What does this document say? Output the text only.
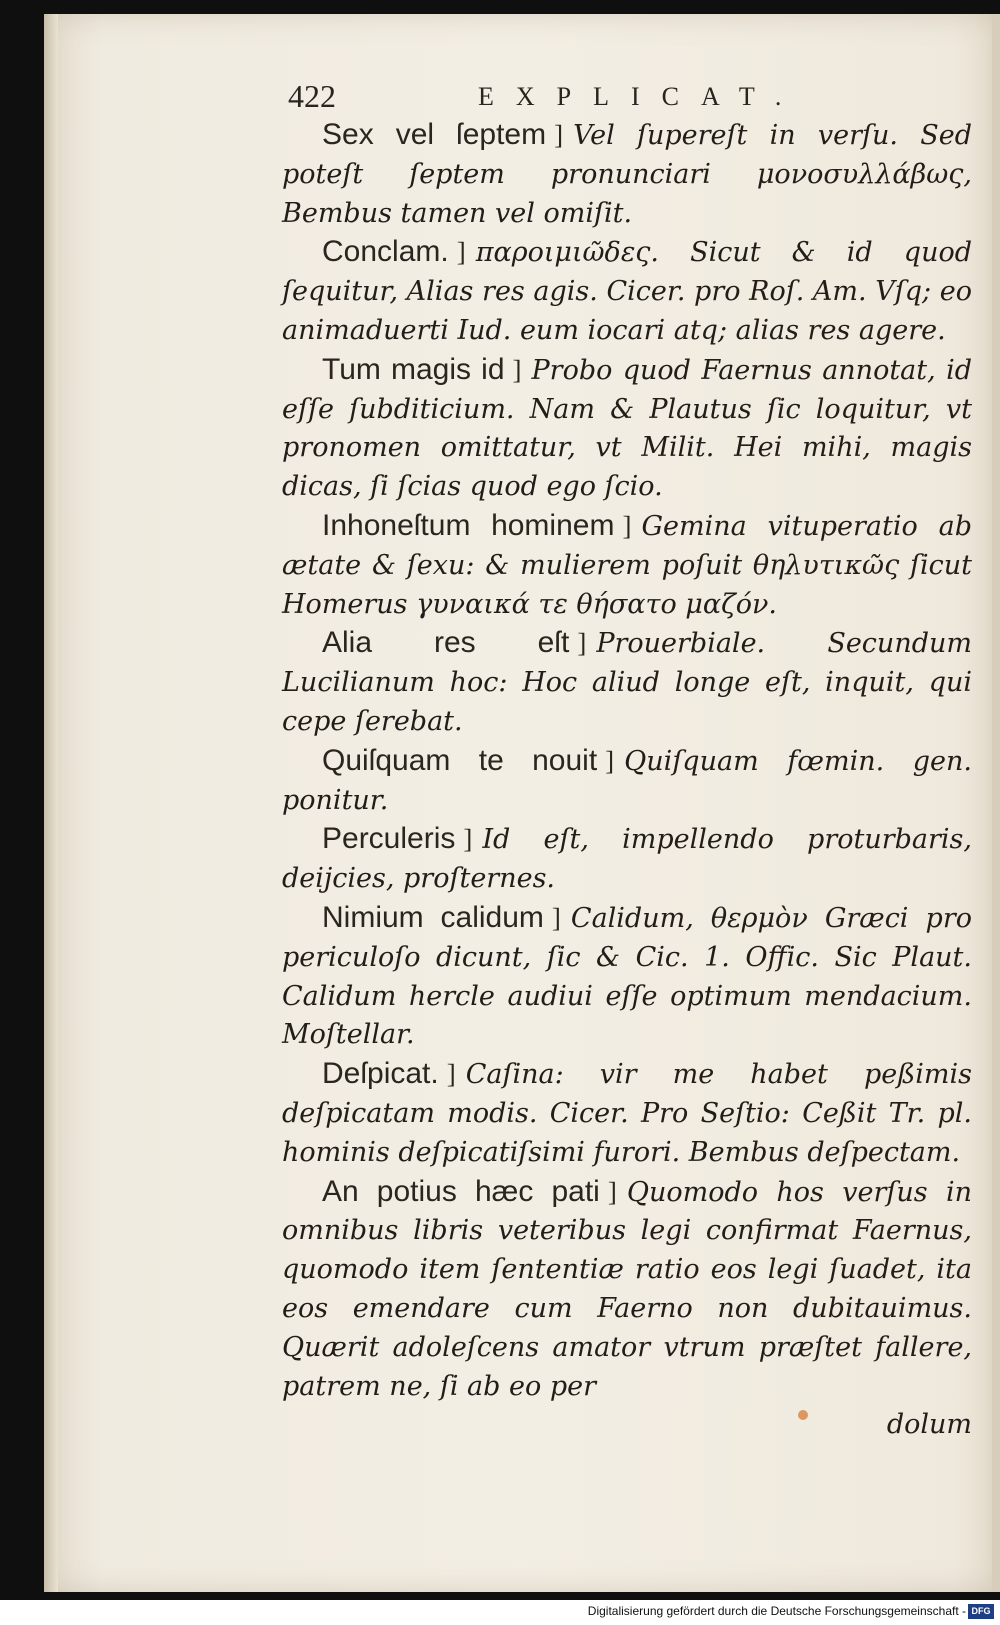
422	EXPLICAT.
Sex vel ſeptem ] Vel ſupereſt in verſu. Sed poteſt ſeptem pronunciari μονοσυλλάβως, Bembus tamen vel omiſit.
Conclam. ] παροιμιῶδες. Sicut & id quod ſequitur, Alias res agis. Cicer. pro Roſ. Am. Vſq; eo animaduerti Iud. eum iocari atq; alias res agere.
Tum magis id ] Probo quod Faernus annotat, id eſſe ſubditicium. Nam & Plautus ſic loquitur, vt pronomen omittatur, vt Milit. Hei mihi, magis dicas, ſi ſcias quod ego ſcio.
Inhoneſtum hominem ] Gemina vituperatio ab ætate & ſexu: & mulierem poſuit θηλυτικῶς ſicut Homerus γυναικά τε θήσατο μαζόν.
Alia res eſt ] Prouerbiale. Secundum Lucilianum hoc: Hoc aliud longe eſt, inquit, qui cepe ſerebat.
Quiſquam te nouit ] Quiſquam fœmin. gen. ponitur.
Perculeris ] Id eſt, impellendo proturbaris, deijcies, proſternes.
Nimium calidum ] Calidum, θερμὸν Græci pro periculoſo dicunt, ſic & Cic. 1. Offic. Sic Plaut. Calidum hercle audiui eſſe optimum mendacium. Moſtellar.
Deſpicat. ] Caſina: vir me habet peßimis deſpicatam modis. Cicer. Pro Seſtio: Ceßit Tr. pl. hominis deſpicatiſsimi furori. Bembus deſpectam.
An potius hæc pati ] Quomodo hos verſus in omnibus libris veteribus legi confirmat Faernus, quomodo item ſententiæ ratio eos legi ſuadet, ita eos emendare cum Faerno non dubitauimus. Quærit adoleſcens amator vtrum præſtet fallere, patrem ne, ſi ab eo per
dolum
Digitalisierung gefördert durch die Deutsche Forschungsgemeinschaft - DFG
